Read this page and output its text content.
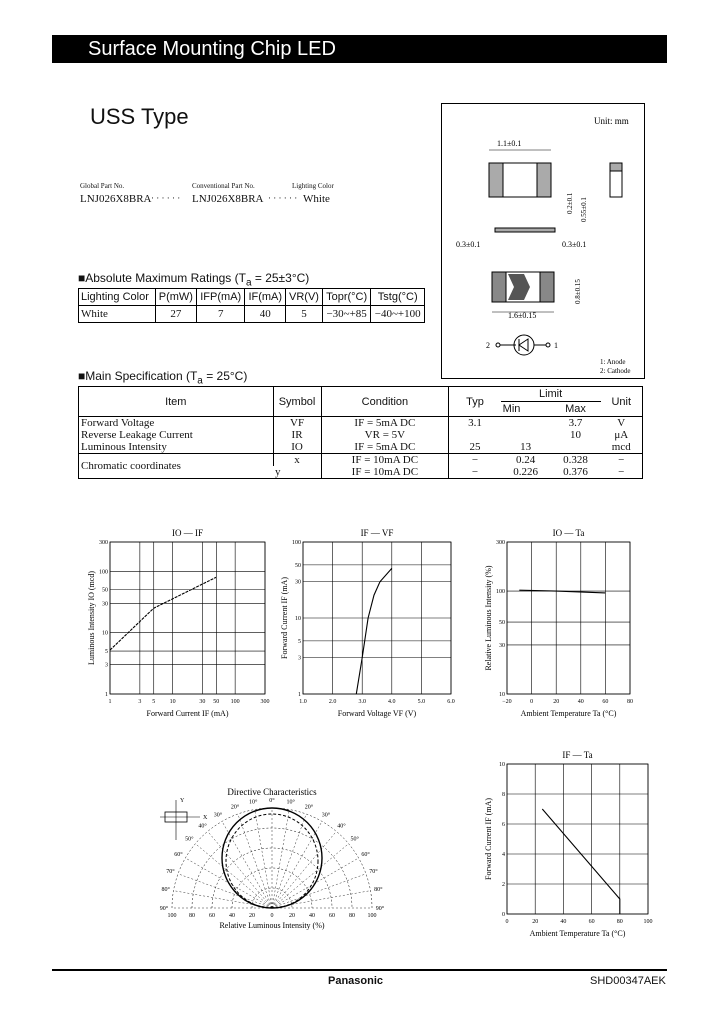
Surface Mounting Chip LED
USS Type
Global Part No.	Conventional Part No.	Lighting Color
LNJ026X8BRA · · · · · · LNJ026X8BRA · · · · · · White
Unit: mm
1.1±0.1
0.2±0.1 0.55±0.1
0.3±0.1	0.3±0.1
0.8±0.15
1.6±0.15
2	1
1: Anode
2: Cathode
■Absolute Maximum Ratings $(T_a = 25\pm 3^\circ C)$
Lighting Color	P(mW)	IFP(mA)	IF(mA)	VR(V)	Topr(°C)	Tstg(°C)
White	27	7	40	5	−30~+85	−40~+100
■Main Specification $(T_a = 25^\circ C)$
Item	Symbol	Condition	Typ	Limit		Unit
				Min	Max	
Forward Voltage	VF	IF = 5mA DC	3.1		3.7	V
Reverse Leakage Current	IR	VR = 5V			10	μA
Luminous Intensity	IO	IF = 5mA DC	25	13		mcd
Chromatic coordinates	x	IF = 10mA DC	−	0.24	0.328	−
	y	IF = 10mA DC	−	0.226	0.376	−
1	3 5 10	30 50 100	300
1
3
5
10
30
50
100
300
IO — IF
Forward Current IF (mA)
Luminous Intensity IO (mcd)
1.0	2.0	3.0	4.0	5.0	6.0
1
3
5
10
30
50
100
IF — VF
Forward Voltage VF (V)
Forward Current IF (mA)
−20	0	20	40	60	80
10
30
50
100
300
IO — Ta
Ambient Temperature Ta (°C)
Relative Luminous Intensity (%)
0	20	40	60	80	100
0
2
4
6
8
10
IF — Ta
Ambient Temperature Ta (°C)
Forward Current IF (mA)
Directive Characteristics
0° 10°
10°
20°
20°
30°
30°
40°
40°
50°
50°
60°
60°
70°
70°
80°
80°
90°
90°
100 80 60 40 20	0	20 40 60 80 100
Relative Luminous Intensity (%)
Y
X
Panasonic	SHD00347AEK
